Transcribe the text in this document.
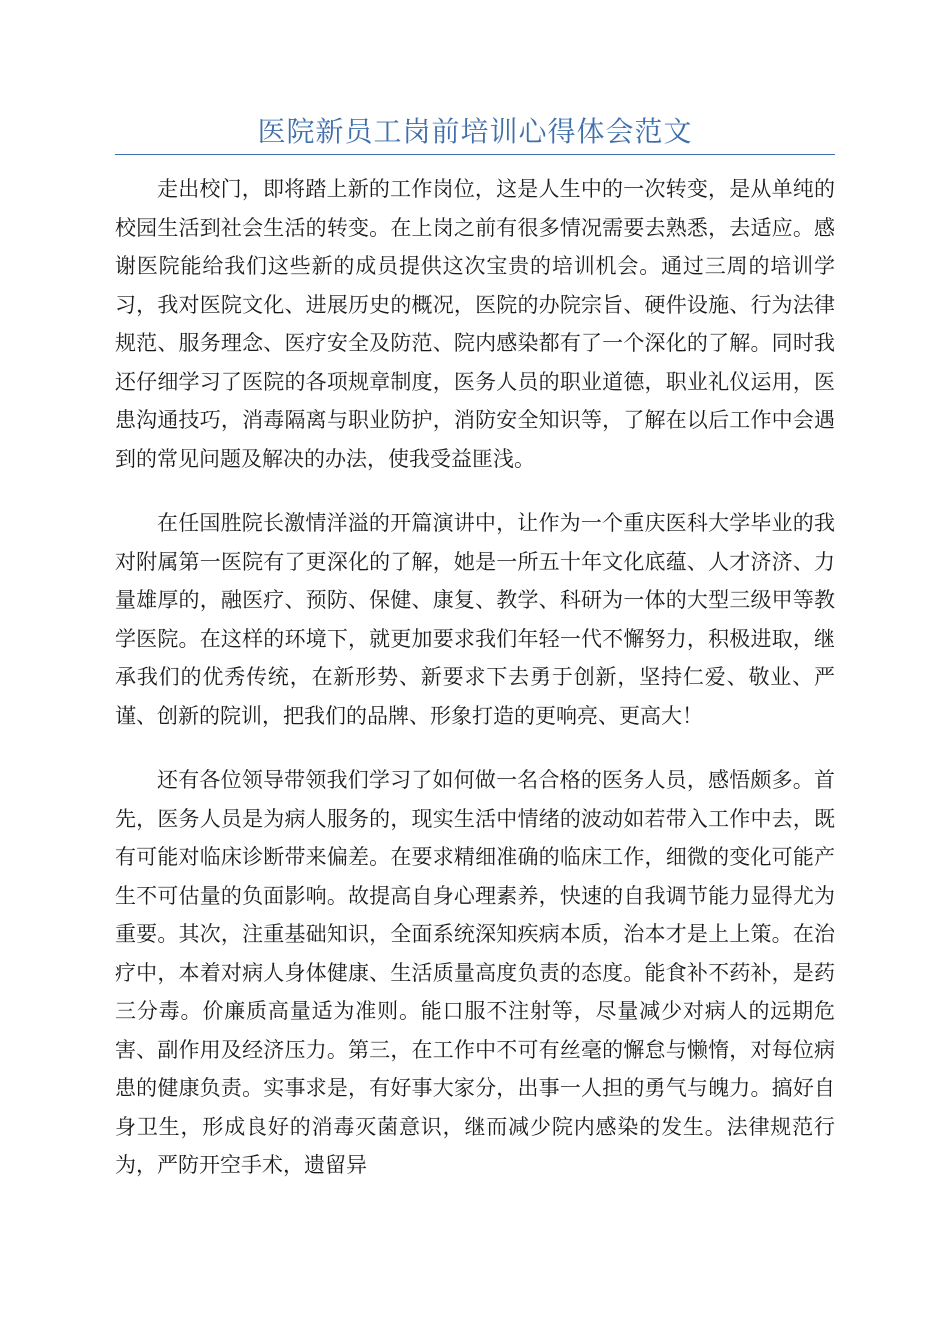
医院新员工岗前培训心得体会范文

走出校门，即将踏上新的工作岗位，这是人生中的一次转变，是从单纯的校园生活到社会生活的转变。在上岗之前有很多情况需要去熟悉，去适应。感谢医院能给我们这些新的成员提供这次宝贵的培训机会。通过三周的培训学习，我对医院文化、进展历史的概况，医院的办院宗旨、硬件设施、行为法律规范、服务理念、医疗安全及防范、院内感染都有了一个深化的了解。同时我还仔细学习了医院的各项规章制度，医务人员的职业道德，职业礼仪运用，医患沟通技巧，消毒隔离与职业防护，消防安全知识等，了解在以后工作中会遇到的常见问题及解决的办法，使我受益匪浅。

在任国胜院长激情洋溢的开篇演讲中，让作为一个重庆医科大学毕业的我对附属第一医院有了更深化的了解，她是一所五十年文化底蕴、人才济济、力量雄厚的，融医疗、预防、保健、康复、教学、科研为一体的大型三级甲等教学医院。在这样的环境下，就更加要求我们年轻一代不懈努力，积极进取，继承我们的优秀传统，在新形势、新要求下去勇于创新，坚持仁爱、敬业、严谨、创新的院训，把我们的品牌、形象打造的更响亮、更高大！

还有各位领导带领我们学习了如何做一名合格的医务人员，感悟颇多。首先，医务人员是为病人服务的，现实生活中情绪的波动如若带入工作中去，既有可能对临床诊断带来偏差。在要求精细准确的临床工作，细微的变化可能产生不可估量的负面影响。故提高自身心理素养，快速的自我调节能力显得尤为重要。其次，注重基础知识，全面系统深知疾病本质，治本才是上上策。在治疗中，本着对病人身体健康、生活质量高度负责的态度。能食补不药补，是药三分毒。价廉质高量适为准则。能口服不注射等，尽量减少对病人的远期危害、副作用及经济压力。第三，在工作中不可有丝毫的懈怠与懒惰，对每位病患的健康负责。实事求是，有好事大家分，出事一人担的勇气与魄力。搞好自身卫生，形成良好的消毒灭菌意识，继而减少院内感染的发生。法律规范行为，严防开空手术，遗留异
